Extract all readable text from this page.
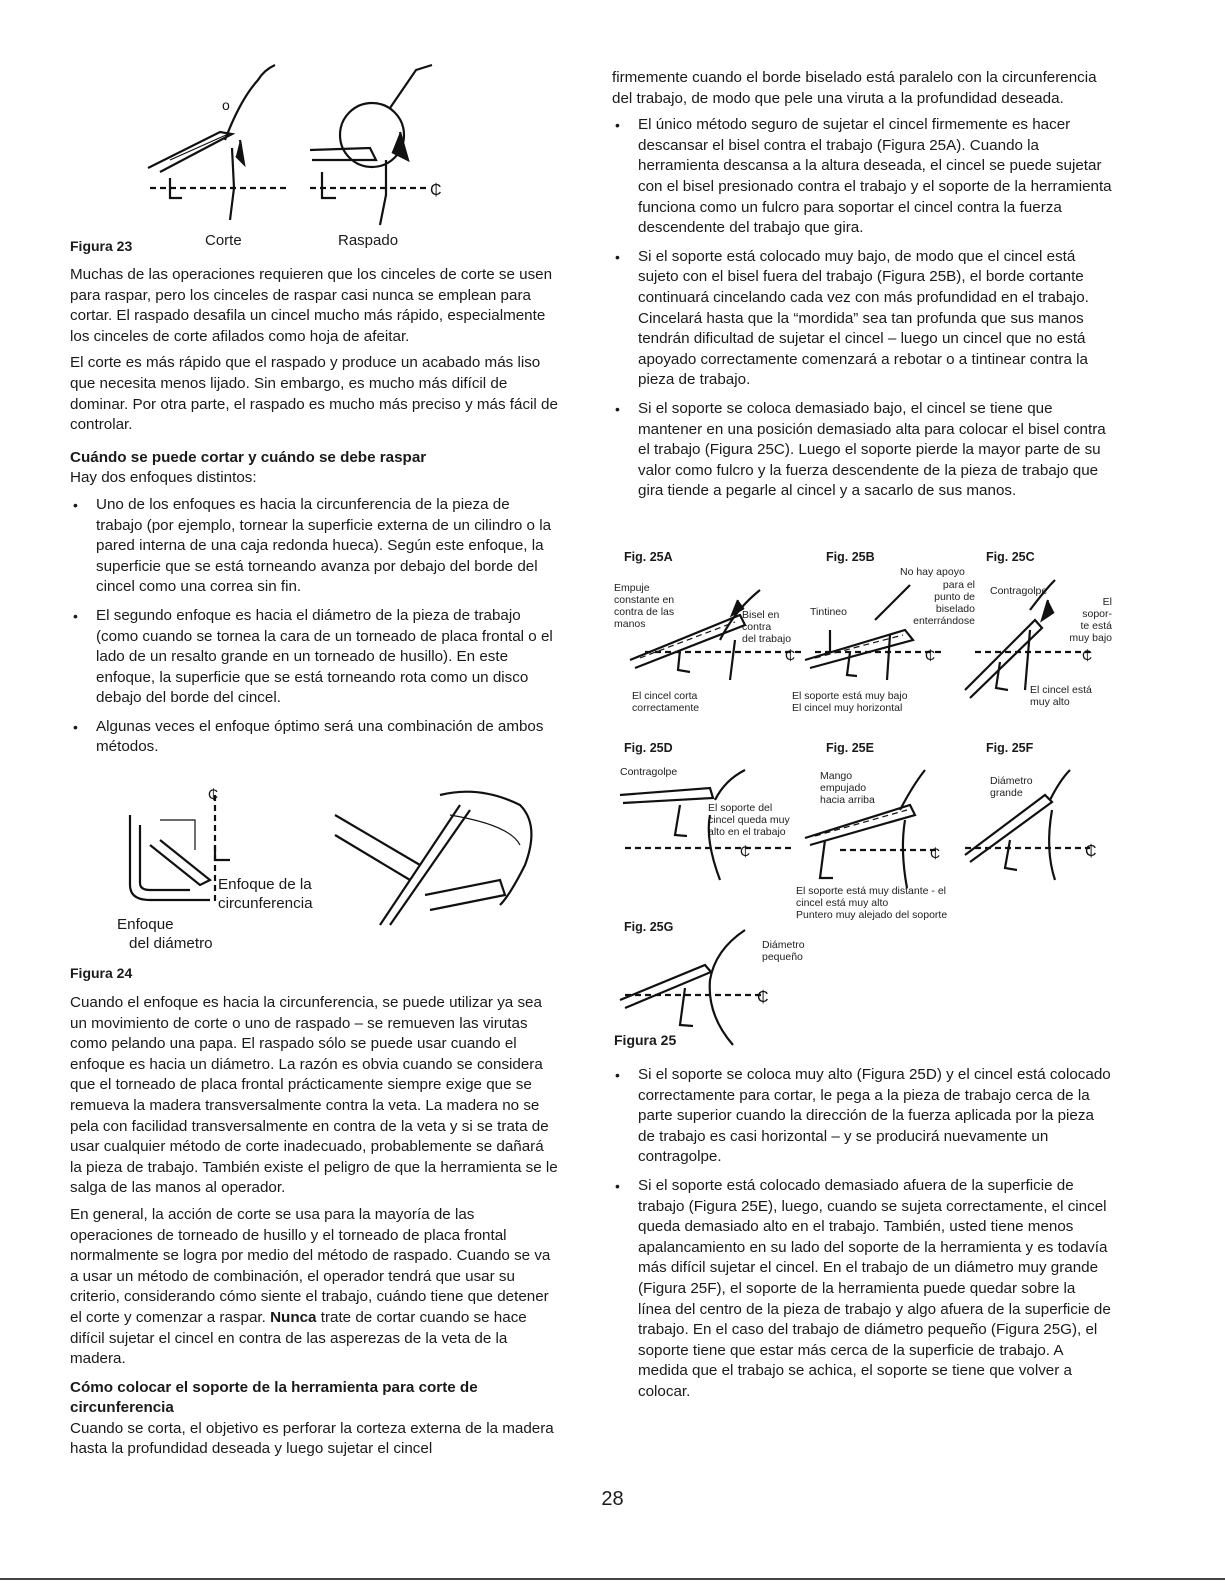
o
₵
Figura 23	Corte	Raspado

Muchas de las operaciones requieren que los cinceles de corte se usen para raspar, pero los cinceles de raspar casi nunca se emplean para cortar. El raspado desafila un cincel mucho más rápido, especialmente los cinceles de corte afilados como hoja de afeitar.

El corte es más rápido que el raspado y produce un acabado más liso que necesita menos lijado. Sin embargo, es mucho más difícil de dominar. Por otra parte, el raspado es mucho más preciso y más fácil de controlar.

Cuándo se puede cortar y cuándo se debe raspar

Hay dos enfoques distintos:

• Uno de los enfoques es hacia la circunferencia de la pieza de trabajo (por ejemplo, tornear la superficie externa de un cilindro o la pared interna de una caja redonda hueca). Según este enfoque, la superficie que se está torneando avanza por debajo del borde del cincel como una correa sin fin.
• El segundo enfoque es hacia el diámetro de la pieza de trabajo (como cuando se tornea la cara de un torneado de placa frontal o el lado de un resalto grande en un torneado de husillo). En este enfoque, la superficie que se está torneando rota como un disco debajo del borde del cincel.
• Algunas veces el enfoque óptimo será una combinación de ambos métodos.
₵
Enfoque de la
circunferencia
Enfoque
del diámetro
Figura 24

Cuando el enfoque es hacia la circunferencia, se puede utilizar ya sea un movimiento de corte o uno de raspado – se remueven las virutas como pelando una papa. El raspado sólo se puede usar cuando el enfoque es hacia un diámetro. La razón es obvia cuando se considera que el torneado de placa frontal prácticamente siempre exige que se remueva la madera transversalmente contra la veta. La madera no se pela con facilidad transversalmente en contra de la veta y si se trata de usar cualquier método de corte inadecuado, probablemente se dañará la pieza de trabajo. También existe el peligro de que la herramienta se le salga de las manos al operador.

En general, la acción de corte se usa para la mayoría de las operaciones de torneado de husillo y el torneado de placa frontal normalmente se logra por medio del método de raspado. Cuando se va a usar un método de combinación, el operador tendrá que usar su criterio, considerando cómo siente el trabajo, cuándo tiene que detener el corte y comenzar a raspar. Nunca trate de cortar cuando se hace difícil sujetar el cincel en contra de las asperezas de la veta de la madera.

Cómo colocar el soporte de la herramienta para corte de circunferencia

Cuando se corta, el objetivo es perforar la corteza externa de la madera hasta la profundidad deseada y luego sujetar el cincel

firmemente cuando el borde biselado está paralelo con la circunferencia del trabajo, de modo que pele una viruta a la profundidad deseada.

• El único método seguro de sujetar el cincel firmemente es hacer descansar el bisel contra el trabajo (Figura 25A). Cuando la herramienta descansa a la altura deseada, el cincel se puede sujetar con el bisel presionado contra el trabajo y el soporte de la herramienta funciona como un fulcro para soportar el cincel contra la fuerza descendente del trabajo que gira.
• Si el soporte está colocado muy bajo, de modo que el cincel está sujeto con el bisel fuera del trabajo (Figura 25B), el borde cortante continuará cincelando cada vez con más profundidad en el trabajo. Cincelará hasta que la “mordida” sea tan profunda que sus manos tendrán dificultad de sujetar el cincel – luego un cincel que no está apoyado correctamente comenzará a rebotar o a tintinear contra la pieza de trabajo.
• Si el soporte se coloca demasiado bajo, el cincel se tiene que mantener en una posición demasiado alta para colocar el bisel contra el trabajo (Figura 25C). Luego el soporte pierde la mayor parte de su valor como fulcro y la fuerza descendente de la pieza de trabajo que gira tiende a pegarle al cincel y a sacarlo de sus manos.
Fig. 25A
Empuje
constante en
contra de las
manos
Bisel en
contra
del trabajo
₵
El cincel corta
correctamente
Fig. 25B
No hay apoyo
para el
punto de
biselado
enterrándose
Tintineo
₵
El soporte está muy bajo
El cincel muy horizontal
Fig. 25C
Contragolpe
El
sopor-
te está
muy bajo
₵
El cincel está
muy alto
Fig. 25D
Contragolpe
El soporte del
cincel queda muy
alto en el trabajo
₵
Fig. 25E
Mango
empujado
hacia arriba
₵
El soporte está muy distante - el
cincel está muy alto
Puntero muy alejado del soporte
Fig. 25F
Diámetro
grande
₵
Fig. 25G
Diámetro
pequeño
₵
Figura 25
• Si el soporte se coloca muy alto (Figura 25D) y el cincel está colocado correctamente para cortar, le pega a la pieza de trabajo cerca de la parte superior cuando la dirección de la fuerza aplicada por la pieza de trabajo es casi horizontal – y se producirá nuevamente un contragolpe.
• Si el soporte está colocado demasiado afuera de la superficie de trabajo (Figura 25E), luego, cuando se sujeta correctamente, el cincel queda demasiado alto en el trabajo. También, usted tiene menos apalancamiento en su lado del soporte de la herramienta y es todavía más difícil sujetar el cincel. En el trabajo de un diámetro muy grande (Figura 25F), el soporte de la herramienta puede quedar sobre la línea del centro de la pieza de trabajo y algo afuera de la superficie de trabajo. En el caso del trabajo de diámetro pequeño (Figura 25G), el soporte tiene que estar más cerca de la superficie de trabajo. A medida que el trabajo se achica, el soporte se tiene que volver a colocar.
28
